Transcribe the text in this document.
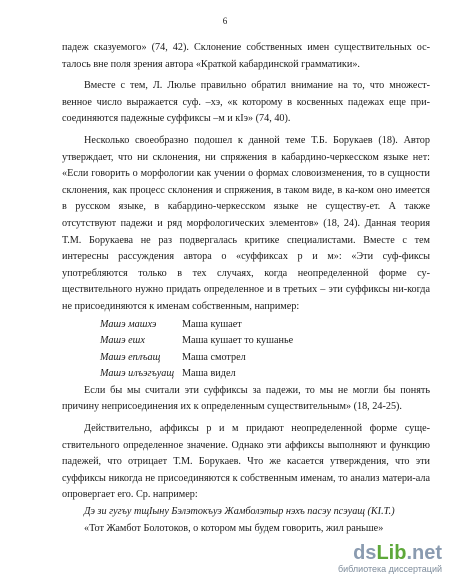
6

падеж сказуемого» (74, 42). Склонение собственных имен существительных ос-талось вне поля зрения автора «Краткой кабардинской грамматики».

Вместе с тем, Л. Люлье правильно обратил внимание на то, что множест-венное число выражается суф. –хэ, «к которому в косвенных падежах еще при-соединяются падежные суффиксы –м и кIэ» (74, 40).

Несколько своеобразно подошел к данной теме Т.Б. Борукаев (18). Автор утверждает, что ни склонения, ни спряжения в кабардино-черкесском языке нет: «Если говорить о морфологии как учении о формах словоизменения, то в сущности склонения, как процесс склонения и спряжения, в таком виде, в ка-ком оно имеется в русском языке, в кабардино-черкесском языке не существу-ет. А также отсутствуют падежи и ряд морфологических элементов» (18, 24). Данная теория Т.М. Борукаева не раз подвергалась критике специалистами. Вместе с тем интересны рассуждения автора о «суффиксах р и м»: «Эти суф-фиксы употребляются только в тех случаях, когда неопределенной форме су-ществительного нужно придать определенное и в третьих – эти суффиксы ни-когда не присоединяются к именам собственным, например:

Машэ машхэ	Маша кушает
Машэ ешх	Маша кушает то кушанье
Машэ еплъащ	Маша смотрел
Машэ илъэгъуащ	Маша видел

Если бы мы считали эти суффиксы за падежи, то мы не могли бы понять причину неприсоединения их к определенным существительным» (18, 24-25).

Действительно, аффиксы р и м придают неопределенной форме суще-ствительного определенное значение. Однако эти аффиксы выполняют и функцию падежей, что отрицает Т.М. Борукаев. Что же касается утверждения, что эти суффиксы никогда не присоединяются к собственным именам, то анализ матери-ала опровергает его. Ср. например:

Дэ зи гугъу тщIыну Бэлэтокъуэ Жамболэтыр нэхъ пасэу псэуащ (КI.Т.)

«Тот Жамбот Болотоков, о котором мы будем говорить, жил раньше»

dsLib.net
библиотека диссертаций
